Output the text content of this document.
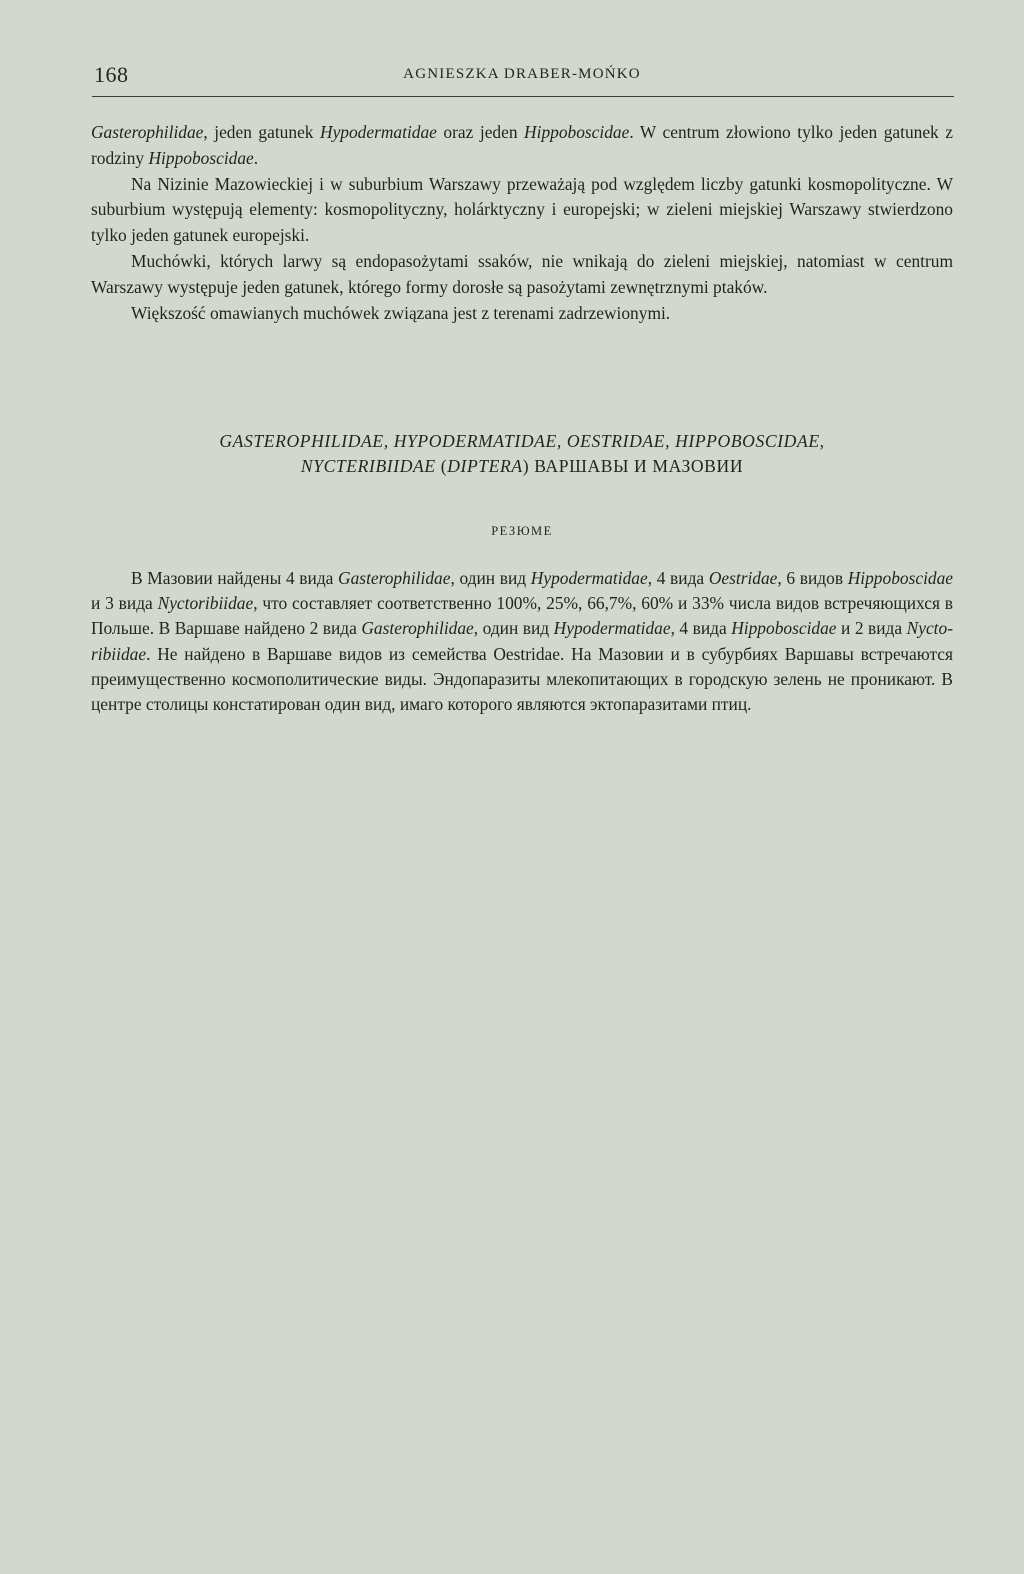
168	AGNIESZKA DRABER-MOŃKO

Gasterophilidae, jeden gatunek Hypodermatidae oraz jeden Hippoboscidae. W centrum złowiono tylko jeden gatunek z rodziny Hippoboscidae.

Na Nizinie Mazowieckiej i w suburbium Warszawy przeważają pod względem liczby gatunki kosmopolityczne. W suburbium występują elementy: kosmopolityczny, holárktyczny i europejski; w zieleni miejskiej Warszawy stwierdzono tylko jeden gatunek europejski.

Muchówki, których larwy są endopasożytami ssaków, nie wnikają do zieleni miejskiej, natomiast w centrum Warszawy występuje jeden gatunek, którego formy dorosłe są pasożytami zewnętrznymi ptaków.

Większość omawianych muchówek związana jest z terenami zadrzewionymi.

GASTEROPHILIDAE, HYPODERMATIDAE, OESTRIDAE, HIPPOBOSCIDAE,
NYCTERIBIIDAE (DIPTERA) ВАРШАВЫ И МАЗОВИИ
РЕЗЮМЕ

В Мазовии найдены 4 вида Gasterophilidae, один вид Hypodermatidae, 4 вида Oestridae, 6 видов Hippoboscidae и 3 вида Nyctoribiidae, что составляет соответственно 100%, 25%, 66,7%, 60% и 33% числа видов встречяющихся в Польше. В Варшаве найдено 2 вида Gasterophilidae, один вид Hypodermatidae, 4 вида Hippoboscidae и 2 вида Nycto-ribiidae. Не найдено в Варшаве видов из семейства Oestridae. На Мазовии и в субурбиях Варшавы встречаются преимущественно космополитические виды. Эндопаразиты млекопитающих в городскую зелень не проникают. В центре столицы констатирован один вид, имаго которого являются эктопаразитами птиц.
